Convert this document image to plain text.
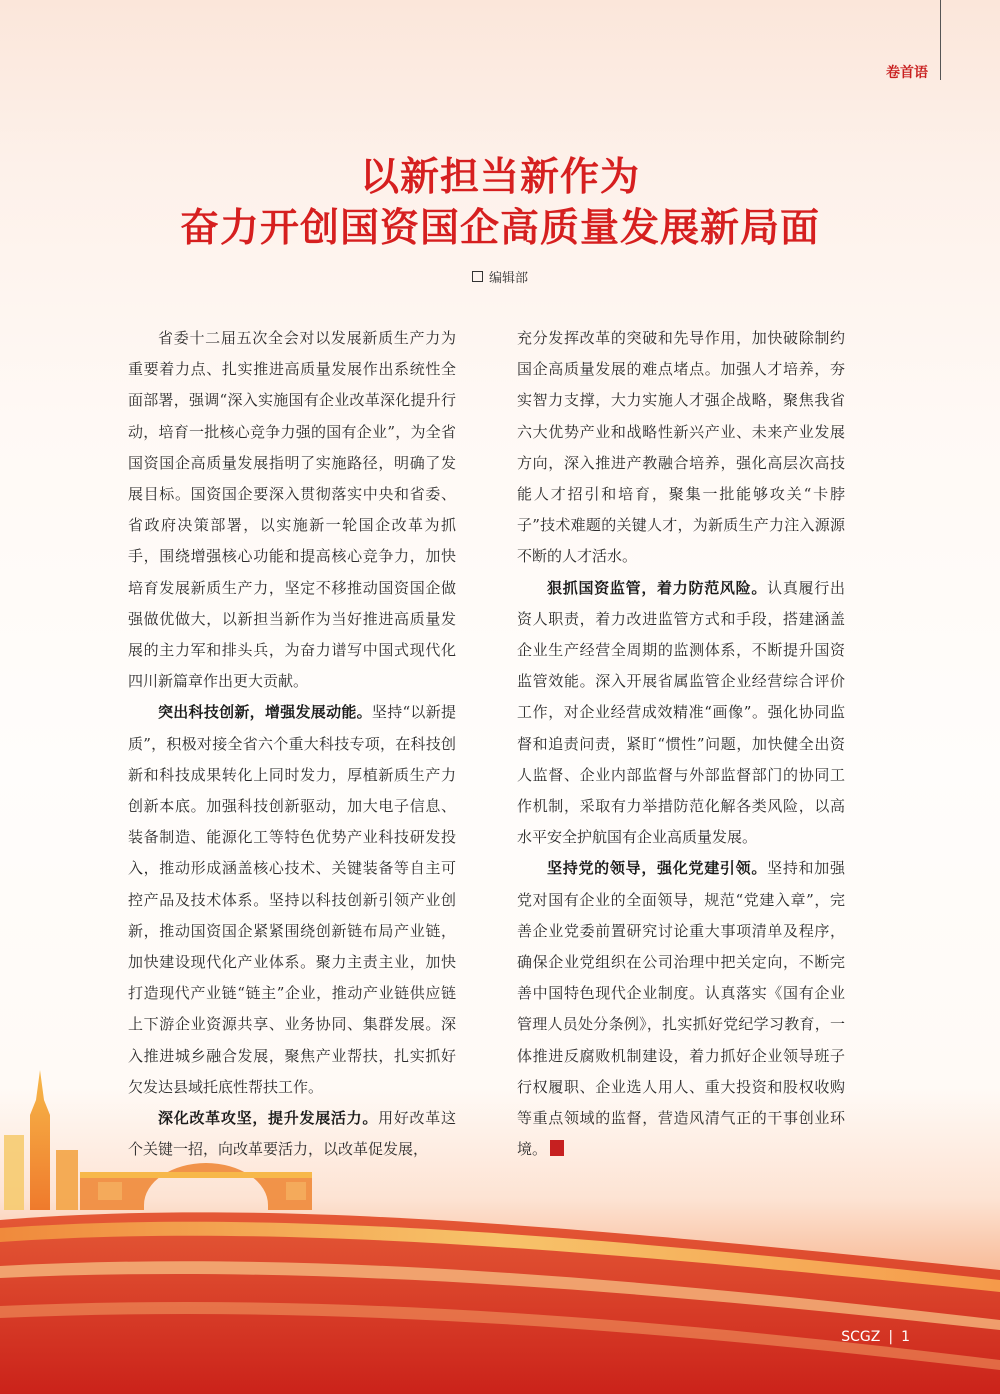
卷首语
以新担当新作为
奋力开创国资国企高质量发展新局面
编辑部

省委十二届五次全会对以发展新质生产力为重要着力点、扎实推进高质量发展作出系统性全面部署，强调“深入实施国有企业改革深化提升行动，培育一批核心竞争力强的国有企业”，为全省国资国企高质量发展指明了实施路径，明确了发展目标。国资国企要深入贯彻落实中央和省委、省政府决策部署，以实施新一轮国企改革为抓手，围绕增强核心功能和提高核心竞争力，加快培育发展新质生产力，坚定不移推动国资国企做强做优做大，以新担当新作为当好推进高质量发展的主力军和排头兵，为奋力谱写中国式现代化四川新篇章作出更大贡献。

突出科技创新，增强发展动能。坚持“以新提质”，积极对接全省六个重大科技专项，在科技创新和科技成果转化上同时发力，厚植新质生产力创新本底。加强科技创新驱动，加大电子信息、装备制造、能源化工等特色优势产业科技研发投入，推动形成涵盖核心技术、关键装备等自主可控产品及技术体系。坚持以科技创新引领产业创新，推动国资国企紧紧围绕创新链布局产业链，加快建设现代化产业体系。聚力主责主业，加快打造现代产业链“链主”企业，推动产业链供应链上下游企业资源共享、业务协同、集群发展。深入推进城乡融合发展，聚焦产业帮扶，扎实抓好欠发达县域托底性帮扶工作。

深化改革攻坚，提升发展活力。用好改革这个关键一招，向改革要活力，以改革促发展，

充分发挥改革的突破和先导作用，加快破除制约国企高质量发展的难点堵点。加强人才培养，夯实智力支撑，大力实施人才强企战略，聚焦我省六大优势产业和战略性新兴产业、未来产业发展方向，深入推进产教融合培养，强化高层次高技能人才招引和培育，聚集一批能够攻关“卡脖子”技术难题的关键人才，为新质生产力注入源源不断的人才活水。

狠抓国资监管，着力防范风险。认真履行出资人职责，着力改进监管方式和手段，搭建涵盖企业生产经营全周期的监测体系，不断提升国资监管效能。深入开展省属监管企业经营综合评价工作，对企业经营成效精准“画像”。强化协同监督和追责问责，紧盯“惯性”问题，加快健全出资人监督、企业内部监督与外部监督部门的协同工作机制，采取有力举措防范化解各类风险，以高水平安全护航国有企业高质量发展。

坚持党的领导，强化党建引领。坚持和加强党对国有企业的全面领导，规范“党建入章”，完善企业党委前置研究讨论重大事项清单及程序，确保企业党组织在公司治理中把关定向，不断完善中国特色现代企业制度。认真落实《国有企业管理人员处分条例》，扎实抓好党纪学习教育，一体推进反腐败机制建设，着力抓好企业领导班子行权履职、企业选人用人、重大投资和股权收购等重点领域的监督，营造风清气正的干事创业环境。

SCGZ | 1
